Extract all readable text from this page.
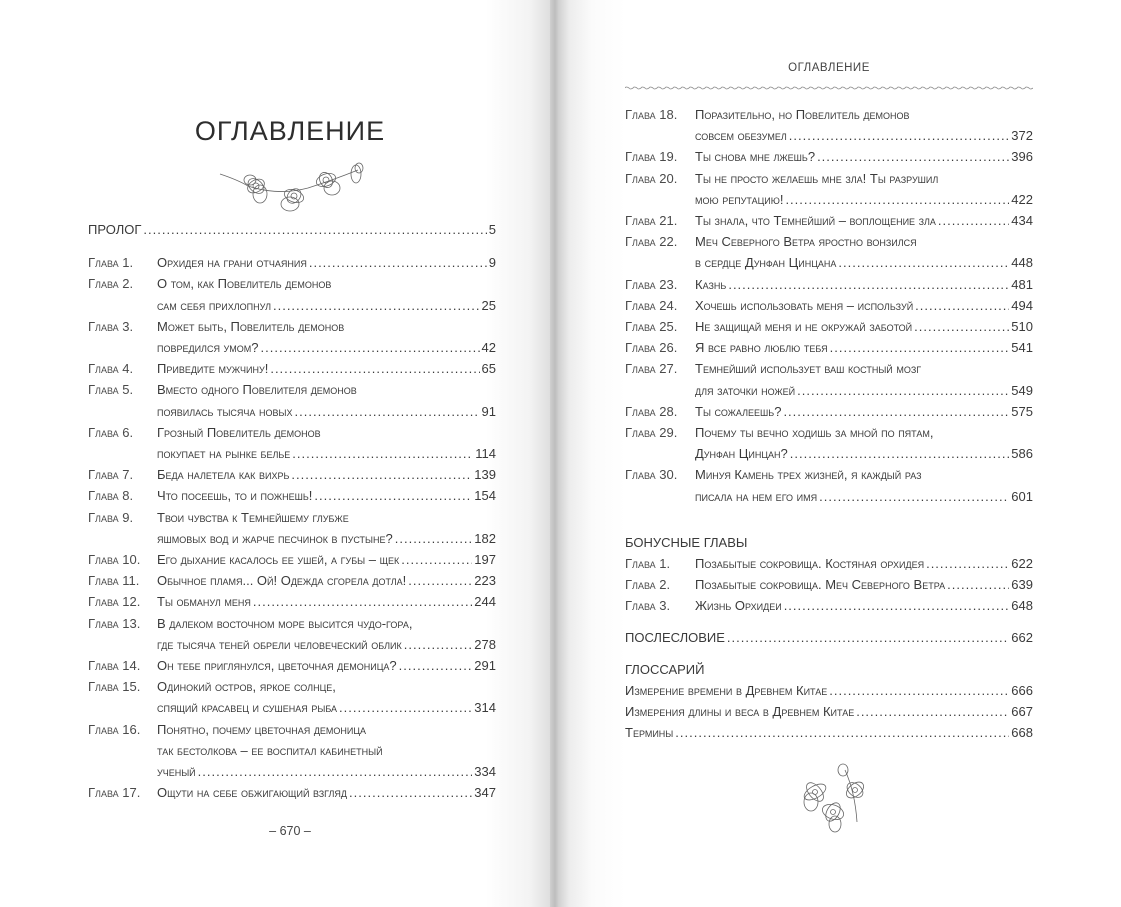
ОГЛАВЛЕНИЕ
ПРОЛОГ .....	5
Глава 1.	Орхидея на грани отчаяния .....	9
Глава 2.	О том, как Повелитель демонов
сам себя прихлопнул .....	25
Глава 3.	Может быть, Повелитель демонов
повредился умом? .....	42
Глава 4.	Приведите мужчину! .....	65
Глава 5.	Вместо одного Повелителя демонов
появилась тысяча новых .....	91
Глава 6.	Грозный Повелитель демонов
покупает на рынке белье .....	114
Глава 7.	Беда налетела как вихрь .....	139
Глава 8.	Что посеешь, то и пожнешь! .....	154
Глава 9.	Твои чувства к Темнейшему глубже
яшмовых вод и жарче песчинок в пустыне? .....	182
Глава 10.	Его дыхание касалось ее ушей, а губы – щек .....	197
Глава 11.	Обычное пламя... Ой! Одежда сгорела дотла! .....	223
Глава 12.	Ты обманул меня .....	244
Глава 13.	В далеком восточном море высится чудо-гора,
где тысяча теней обрели человеческий облик .....	278
Глава 14.	Он тебе приглянулся, цветочная демоница? .....	291
Глава 15.	Одинокий остров, яркое солнце,
спящий красавец и сушеная рыба .....	314
Глава 16.	Понятно, почему цветочная демоница
так бестолкова – ее воспитал кабинетный
ученый .....	334
Глава 17.	Ощути на себе обжигающий взгляд .....	347
– 670 –
ОГЛАВЛЕНИЕ
Глава 18.	Поразительно, но Повелитель демонов
совсем обезумел .....	372
Глава 19.	Ты снова мне лжешь? .....	396
Глава 20.	Ты не просто желаешь мне зла! Ты разрушил
мою репутацию! .....	422
Глава 21.	Ты знала, что Темнейший – воплощение зла .....	434
Глава 22.	Меч Северного Ветра яростно вонзился
в сердце Дунфан Цинцана .....	448
Глава 23.	Казнь .....	481
Глава 24.	Хочешь использовать меня – используй .....	494
Глава 25.	Не защищай меня и не окружай заботой .....	510
Глава 26.	Я все равно люблю тебя .....	541
Глава 27.	Темнейший использует ваш костный мозг
для заточки ножей .....	549
Глава 28.	Ты сожалеешь? .....	575
Глава 29.	Почему ты вечно ходишь за мной по пятам,
Дунфан Цинцан? .....	586
Глава 30.	Минуя Камень трех жизней, я каждый раз
писала на нем его имя .....	601
БОНУСНЫЕ ГЛАВЫ
Глава 1.	Позабытые сокровища. Костяная орхидея .....	622
Глава 2.	Позабытые сокровища. Меч Северного Ветра .....	639
Глава 3.	Жизнь Орхидеи .....	648
ПОСЛЕСЛОВИЕ .....	662
ГЛОССАРИЙ
Измерение времени в Древнем Китае .....	666
Измерения длины и веса в Древнем Китае .....	667
Термины .....	668
